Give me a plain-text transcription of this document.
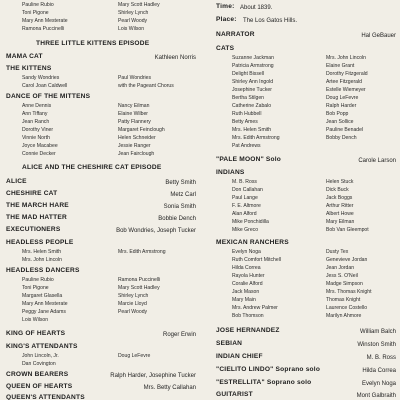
Pauline Rubio
Toni Pigone
Mary Ann Mesterate
Ramona Puccinelli
Mary Scott Hadley
Shirley Lynch
Pearl Woody
Lois Wilson
THREE LITTLE KITTENS EPISODE
MAMA CAT	Kathleen Norris
THE KITTENS
Sandy Wondries
Carol Joan Caldwell
Paul Wondries
with the Pageant Chorus
DANCE OF THE MITTENS
Anne Dennis
Ann Tiffany
Jean Ranch
Dorothy Viner
Vinnie North
Joyce Macabee
Connie Decker
Nancy Eilman
Elaine Wilber
Patty Flannery
Margaret Feinclough
Helen Schneider
Jessie Ranger
Jean Fairclough
ALICE AND THE CHESHIRE CAT EPISODE
ALICE	Betty Smith
CHESHIRE CAT	Metz Carl
THE MARCH HARE	Sonia Smith
THE MAD HATTER	Bobbie Dench
EXECUTIONERS	Bob Wondries, Joseph Tucker
HEADLESS PEOPLE
Mrs. Helen Smith
Mrs. John Lincoln
Mrs. Edith Armstrong
HEADLESS DANCERS
Pauline Rubio
Toni Pigone
Margaret Glasella
Mary Ann Mesterate
Peggy Jane Adams
Lois Wilson
Ramona Puccinelli
Mary Scott Hadley
Shirley Lynch
Marcie Lloyd
Pearl Woody
KING OF HEARTS	Roger Erwin
KING'S ATTENDANTS
John Lincoln, Jr.
Dan Covington
Doug LeFevre
CROWN BEARERS	Ralph Harder, Josephine Tucker
QUEEN OF HEARTS	Mrs. Betty Callahan
QUEEN'S ATTENDANTS
Time: About 1839.
Place: The Los Gatos Hills.
NARRATOR	Hal GeBauer
CATS
Suzanne Jackman
Patricia Armstrong
Delight Bissell
Shirley Ann Ingold
Josephine Tucker
Bertha Stilgen
Catherine Zabalo
Ruth Hubbell
Betty Ames
Mrs. Helen Smith
Mrs. Edith Armstrong
Pat Andrews
Mrs. John Lincoln
Elaine Grant
Dorothy Fitzgerald
Artee Fitzgerald
Estelle Wiemeyer
Doug LeFevre
Ralph Harder
Bob Popp
Jean Sollice
Pauline Benadel
Bobby Dench
"PALE MOON" Solo	Carole Larson
INDIANS
M. B. Ross
Don Callahan
Paul Lange
F. E. Altmore
Alan Alford
Mike Ponchidilla
Mike Greco
Helen Stuck
Dick Buck
Jack Boggs
Arthur Ritter
Albert Howe
Mary Eilman
Bob Van Gleempot
MEXICAN RANCHERS
Evelyn Noga
Ruth Comfort Mitchell
Hilda Correa
Rayola Hunter
Coralie Alford
Jack Mason
Mary Main
Mrs. Andrew Palmer
Bob Thomson
Dusty Tex
Genevieve Jordan
Jean Jordan
Jess S. O'Neil
Madge Simpson
Mrs. Thomas Knight
Thomas Knight
Laurence Costello
Marilyn Ahmore
JOSE HERNANDEZ	William Balch
SEBIAN	Winston Smith
INDIAN CHIEF	M. B. Ross
"CIELITO LINDO" Soprano solo	Hilda Correa
"ESTRELLITA" Soprano solo	Evelyn Noga
GUITARIST	Mont Galbraith
